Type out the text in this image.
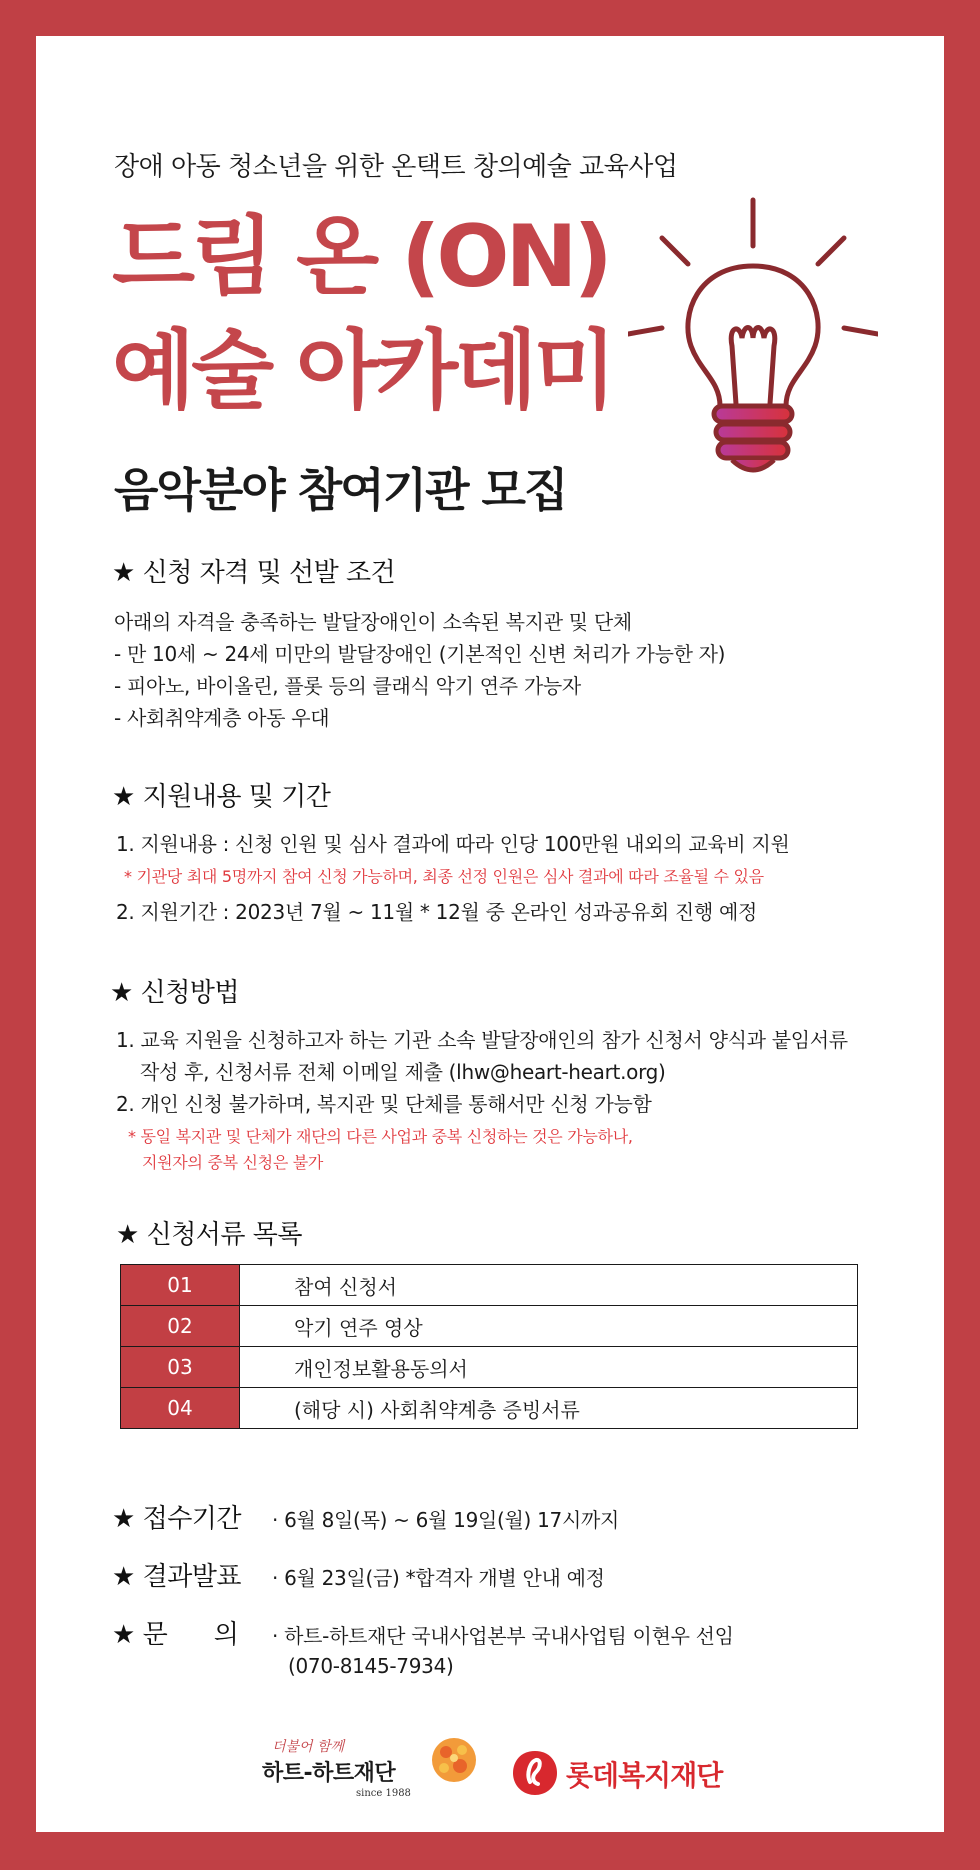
장애 아동 청소년을 위한 온택트 창의예술 교육사업
드림 온 (ON)
예술 아카데미
음악분야 참여기관 모집
★ 신청 자격 및 선발 조건
아래의 자격을 충족하는 발달장애인이 소속된 복지관 및 단체
- 만 10세 ~ 24세 미만의 발달장애인 (기본적인 신변 처리가 가능한 자)
- 피아노, 바이올린, 플롯 등의 클래식 악기 연주 가능자
- 사회취약계층 아동 우대
★ 지원내용 및 기간
1. 지원내용 : 신청 인원 및 심사 결과에 따라 인당 100만원 내외의 교육비 지원
* 기관당 최대 5명까지 참여 신청 가능하며, 최종 선정 인원은 심사 결과에 따라 조율될 수 있음
2. 지원기간 : 2023년 7월 ~ 11월 * 12월 중 온라인 성과공유회 진행 예정
★ 신청방법
1. 교육 지원을 신청하고자 하는 기관 소속 발달장애인의 참가 신청서 양식과 붙임서류
작성 후, 신청서류 전체 이메일 제출 (lhw@heart-heart.org)
2. 개인 신청 불가하며, 복지관 및 단체를 통해서만 신청 가능함
* 동일 복지관 및 단체가 재단의 다른 사업과 중복 신청하는 것은 가능하나,
지원자의 중복 신청은 불가
★ 신청서류 목록
01	참여 신청서
02	악기 연주 영상
03	개인정보활용동의서
04	(해당 시) 사회취약계층 증빙서류
★ 접수기간 · 6월 8일(목) ~ 6월 19일(월) 17시까지
★ 결과발표 · 6월 23일(금) *합격자 개별 안내 예정
★ 문      의 · 하트-하트재단 국내사업본부 국내사업팀 이현우 선임
(070-8145-7934)
더불어 함께
하트-하트재단
since 1988
롯데복지재단
